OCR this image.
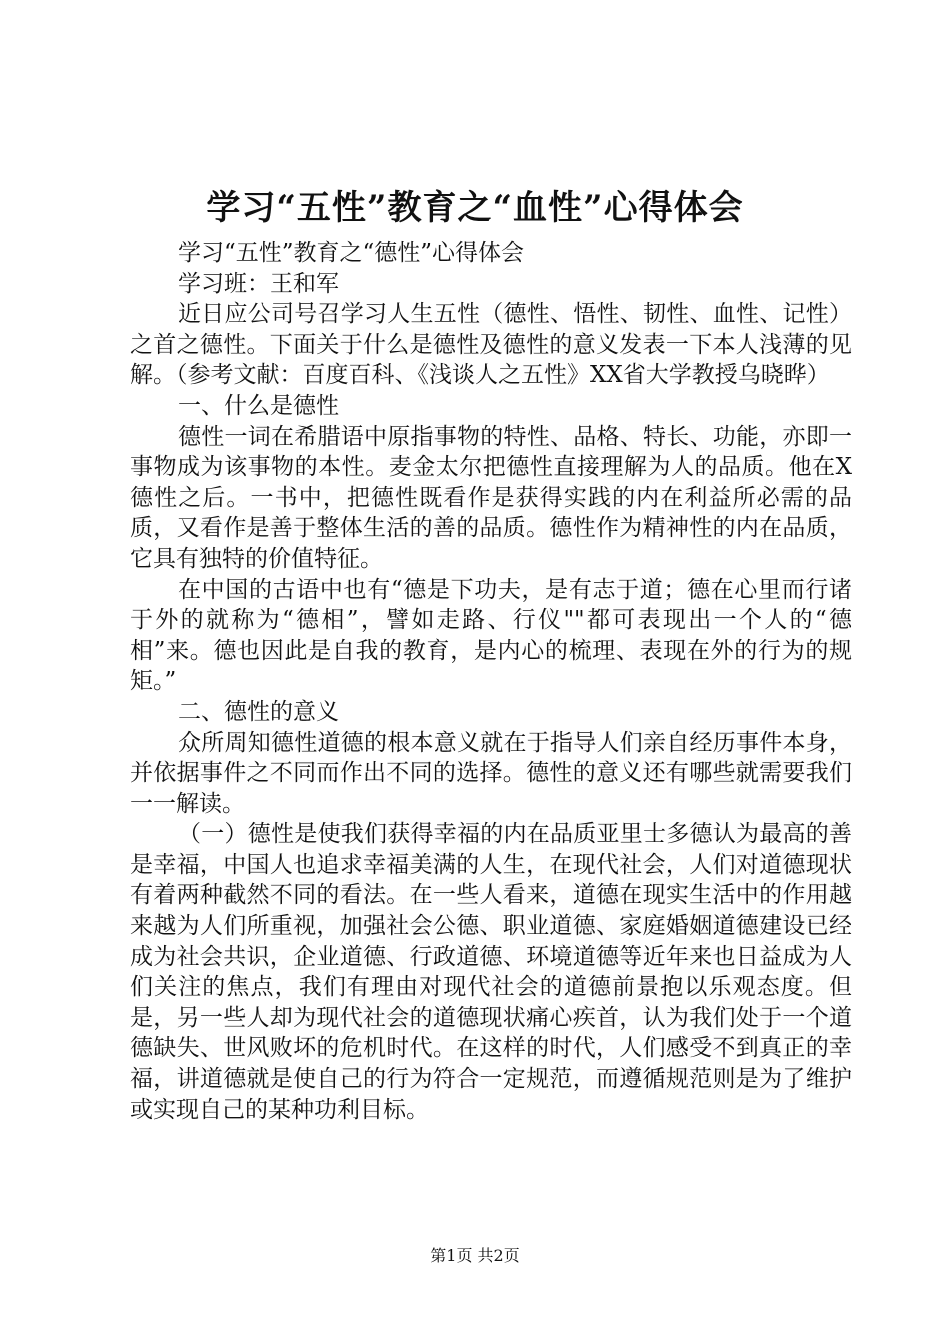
学习“五性”教育之“血性”心得体会

学习“五性”教育之“德性”心得体会

学习班：王和军

近日应公司号召学习人生五性（德性、悟性、韧性、血性、记性）之首之德性。下面关于什么是德性及德性的意义发表一下本人浅薄的见解。（参考文献：百度百科、《浅谈人之五性》XX省大学教授乌晓晔）

一、什么是德性

德性一词在希腊语中原指事物的特性、品格、特长、功能，亦即一事物成为该事物的本性。麦金太尔把德性直接理解为人的品质。他在X德性之后。一书中，把德性既看作是获得实践的内在利益所必需的品质，又看作是善于整体生活的善的品质。德性作为精神性的内在品质，它具有独特的价值特征。

在中国的古语中也有“德是下功夫，是有志于道；德在心里而行诸于外的就称为“德相”，譬如走路、行仪""都可表现出一个人的“德相”来。德也因此是自我的教育，是内心的梳理、表现在外的行为的规矩。”

二、德性的意义

众所周知德性道德的根本意义就在于指导人们亲自经历事件本身，并依据事件之不同而作出不同的选择。德性的意义还有哪些就需要我们一一解读。

（一）德性是使我们获得幸福的内在品质亚里士多德认为最高的善是幸福，中国人也追求幸福美满的人生，在现代社会，人们对道德现状有着两种截然不同的看法。在一些人看来，道德在现实生活中的作用越来越为人们所重视，加强社会公德、职业道德、家庭婚姻道德建设已经成为社会共识，企业道德、行政道德、环境道德等近年来也日益成为人们关注的焦点，我们有理由对现代社会的道德前景抱以乐观态度。但是，另一些人却为现代社会的道德现状痛心疾首，认为我们处于一个道德缺失、世风败坏的危机时代。在这样的时代，人们感受不到真正的幸福，讲道德就是使自己的行为符合一定规范，而遵循规范则是为了维护或实现自己的某种功利目标。

第1页 共2页
